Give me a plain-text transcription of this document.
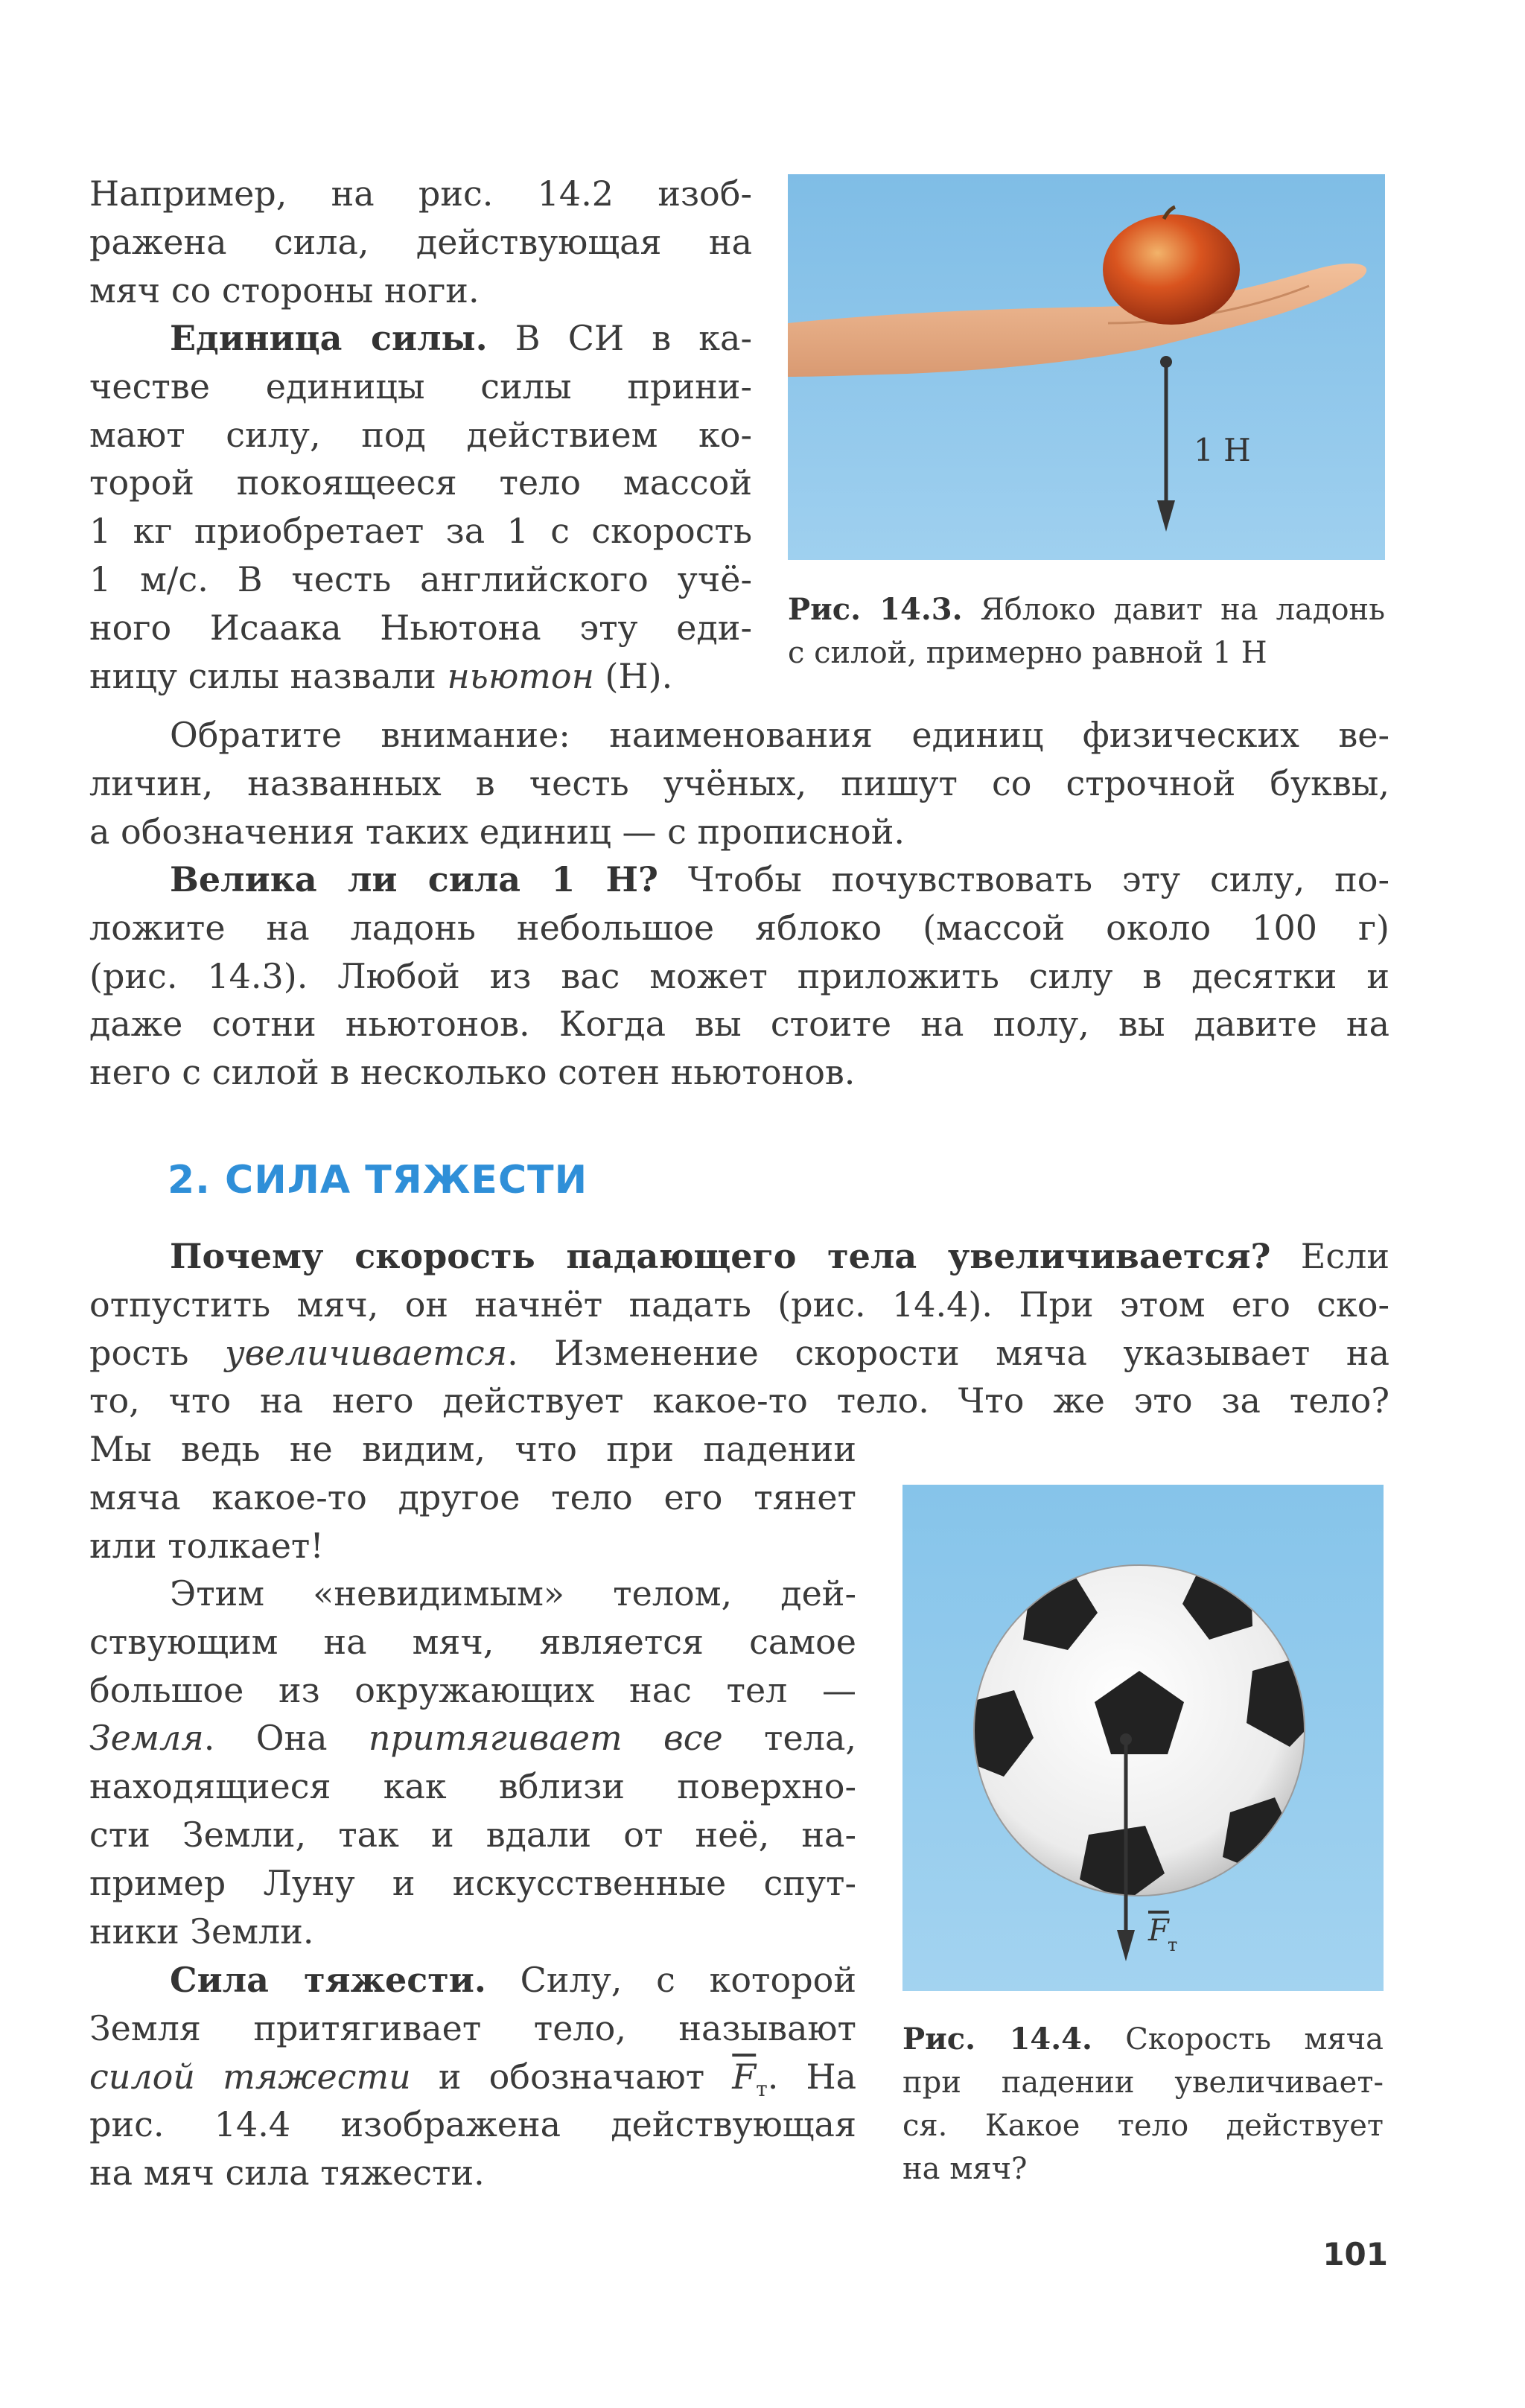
Например, на рис. 14.2 изоб-
ражена сила, действующая на
мяч со стороны ноги.
Единица силы. В СИ в ка-
честве единицы силы прини-
мают силу, под действием ко-
торой покоящееся тело массой
1 кг приобретает за 1 с скорость
1 м/с. В честь английского учё-
ного Исаака Ньютона эту еди-
ницу силы назвали ньютон (Н).
1 Н
Рис. 14.3. Яблоко давит на ладонь
с силой, примерно равной 1 Н
Обратите внимание: наименования единиц физических ве-
личин, названных в честь учёных, пишут со строчной буквы,
а обозначения таких единиц — с прописной.
Велика ли сила 1 Н? Чтобы почувствовать эту силу, по-
ложите на ладонь небольшое яблоко (массой около 100 г)
(рис. 14.3). Любой из вас может приложить силу в десятки и
даже сотни ньютонов. Когда вы стоите на полу, вы давите на
него с силой в несколько сотен ньютонов.
2. СИЛА ТЯЖЕСТИ
Почему скорость падающего тела увеличивается? Если
отпустить мяч, он начнёт падать (рис. 14.4). При этом его ско-
рость увеличивается. Изменение скорости мяча указывает на
то, что на него действует какое-то тело. Что же это за тело?
Мы ведь не видим, что при падении
мяча какое-то другое тело его тянет
или толкает!
Этим «невидимым» телом, дей-
ствующим на мяч, является самое
большое из окружающих нас тел —
Земля. Она притягивает все тела,
находящиеся как вблизи поверхно-
сти Земли, так и вдали от неё, на-
пример Луну и искусственные спут-
ники Земли.
Сила тяжести. Силу, с которой
Земля притягивает тело, называют
силой тяжести и обозначают $\overline{F}_т$. На
рис. 14.4 изображена действующая
на мяч сила тяжести.
F
т
Рис. 14.4. Скорость мяча
при падении увеличивает-
ся. Какое тело действует
на мяч?
101
